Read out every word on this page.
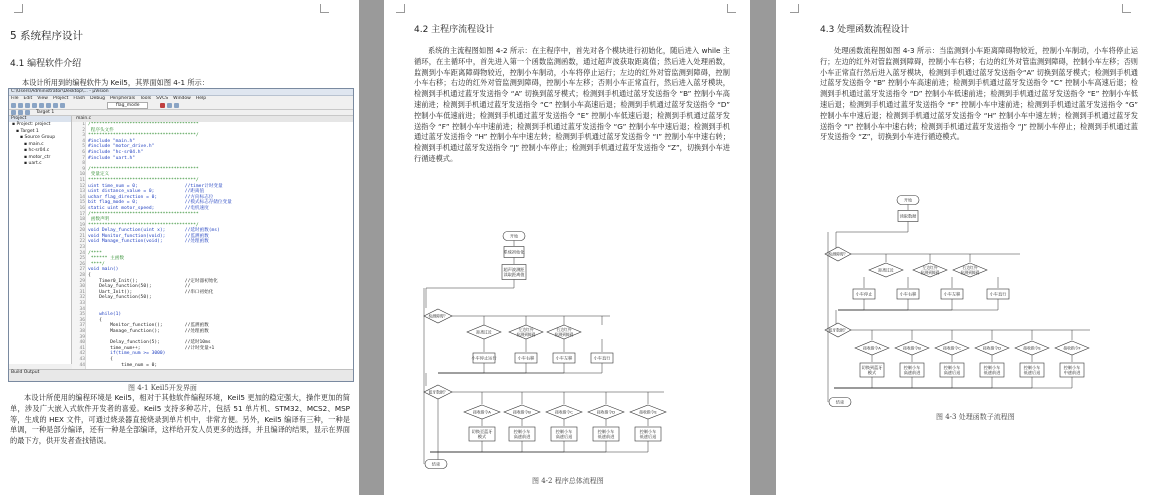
5 系统程序设计
4.1 编程软件介绍
本设计所用到的编程软件为 Keil5，其界面如图 4-1 所示：
C:\Users\Administrator\Desktop\... - µVision
File Edit View Project Flash Debug Peripherals Tools SVCS Window Help
flag_mode
Target 1
Project
▪ Project: project
▪ Target 1
▪ Source Group
▪ main.c
▪ hc-sr04.c
▪ motor_ctr
▪ uart.c
main.c
1
2
3
4
5
6
7
8
9
10
11
12
13
14
15
16
17
18
19
20
21
22
23
24
25
26
27
28
29
30
31
32
33
34
35
36
37
38
39
40
41
42
43
44
/***************************************
程序头文件
***************************************/
#include "main.h"
#include "motor_drive.h"
#include "hc-sr04.h"
#include "uart.h"
/***************************************
变量定义
***************************************/
uint time_num = 0;                 //timer计时变量
uint distance_value = 0;           //距离值
uchar flag_direction = 0;          //方向标志位
bit flag_mode = 0;                 //模式标志存储位变量
static uint motor_speed;           //电机速度
/***************************************
函数声明
***************************************/
void Delay_function(uint x);       //延时函数(ms)
void Monitor_function(void);       //监测函数
void Manage_function(void);        //处理函数
/****
****** 主函数
****/
void main()
{
Timer0_Init();                 //定时器初始化
Delay_function(50);            //
Uart_Init();                   //串口初始化
Delay_function(50);
while(1)
{
Monitor_function();        //监测函数
Manage_function();         //处理函数
Delay_function(5);         //延时10ms
time_num++;                //计时变量+1
if(time_num >= 3000)
{
time_num = 0;
Build Output
图 4-1 Keil5开发界面
本设计所使用的编程环境是 Keil5，相对于其他软件编程环境，Keil5 更加的稳定强大，操作更加的简单，涉及广大嵌入式软件开发者的喜爱。Keil5 支持多种芯片，包括 51 单片机、STM32、MCS2、MSP 等，生成的 HEX 文件，可通过烧录器直接烧录到单片机中，非常方便。另外，Keil5 编译有三种，一种是单调，一种是部分编译，还有一种是全部编译，这样给开发人员更多的选择，并且编译的结果，显示在界面的最下方，供开发者查找错误。
4.2 主程序流程设计
系统的主流程图如图 4-2 所示：在主程序中，首先对各个模块进行初始化，随后进入 while 主循环，在主循环中，首先进入第一个函数监测函数，通过超声波获取距离值；然后进入处理函数，监测到小车距离障碍物较近，控制小车制动，小车将停止运行；左边的红外对管监测到障碍，控制小车右移；右边的红外对管监测到障碍，控制小车左移；否则小车正常直行，然后进入蓝牙模块，检测到手机通过蓝牙发送指令 “A” 切换到蓝牙模式；检测到手机通过蓝牙发送指令 “B” 控制小车高速前进；检测到手机通过蓝牙发送指令 “C” 控制小车高速后退；检测到手机通过蓝牙发送指令 “D” 控制小车低速前进；检测到手机通过蓝牙发送指令 “E” 控制小车低速后退；检测到手机通过蓝牙发送指令 “F” 控制小车中速前进；检测到手机通过蓝牙发送指令 “G” 控制小车中速后退；检测到手机通过蓝牙发送指令 “H” 控制小车中速左转；检测到手机通过蓝牙发送指令 “I” 控制小车中速右转；检测到手机通过蓝牙发送指令 “J” 控制小车停止；检测到手机通过蓝牙发送指令 “Z”，切换到小车进行循迹模式。
开始
系统初始化
超声波测距读取距离值
检测障碍？
距离过近
小车停止运行
左边红外检测到障碍
小车右移
右边红外检测到障碍
小车左移	小车直行
蓝牙数据？
接收指令A
切换至蓝牙模式
接收指令B
控制小车高速前进
接收指令C
控制小车高速后退
接收指令D
控制小车低速前进
接收指令E
控制小车低速后退
结束
图 4-2 程序总体流程图
4.3 处理函数流程设计
处理函数流程图如图 4-3 所示：当监测到小车距离障碍物较近，控制小车制动，小车将停止运行；左边的红外对管监测到障碍，控制小车右移；右边的红外对管监测到障碍，控制小车左移；否则小车正常直行然后进入蓝牙模块，检测到手机通过蓝牙发送指令“A” 切换到蓝牙模式；检测到手机通过蓝牙发送指令 “B” 控制小车高速前进；检测到手机通过蓝牙发送指令 “C” 控制小车高速后退；检测到手机通过蓝牙发送指令 “D” 控制小车低速前进；检测到手机通过蓝牙发送指令 “E” 控制小车低速后退；检测到手机通过蓝牙发送指令 “F” 控制小车中速前进；检测到手机通过蓝牙发送指令 “G” 控制小车中速后退；检测到手机通过蓝牙发送指令 “H” 控制小车中速左转；检测到手机通过蓝牙发送指令 “I” 控制小车中速右转；检测到手机通过蓝牙发送指令 “J” 控制小车停止；检测到手机通过蓝牙发送指令 “Z”，切换到小车进行循迹模式。
开始
读取数据
检测障碍？
距离过近
左边红外检测到障碍
右边红外检测到障碍
小车停止	小车右移	小车左移	小车直行
蓝牙数据？
接收指令A
切换到蓝牙模式
接收指令B
控制小车高速前进
接收指令C
控制小车高速后退
接收指令D
控制小车低速前进
接收指令E
控制小车低速后退
接收指令F
控制小车中速前进
结束
图 4-3 处理函数子流程图
